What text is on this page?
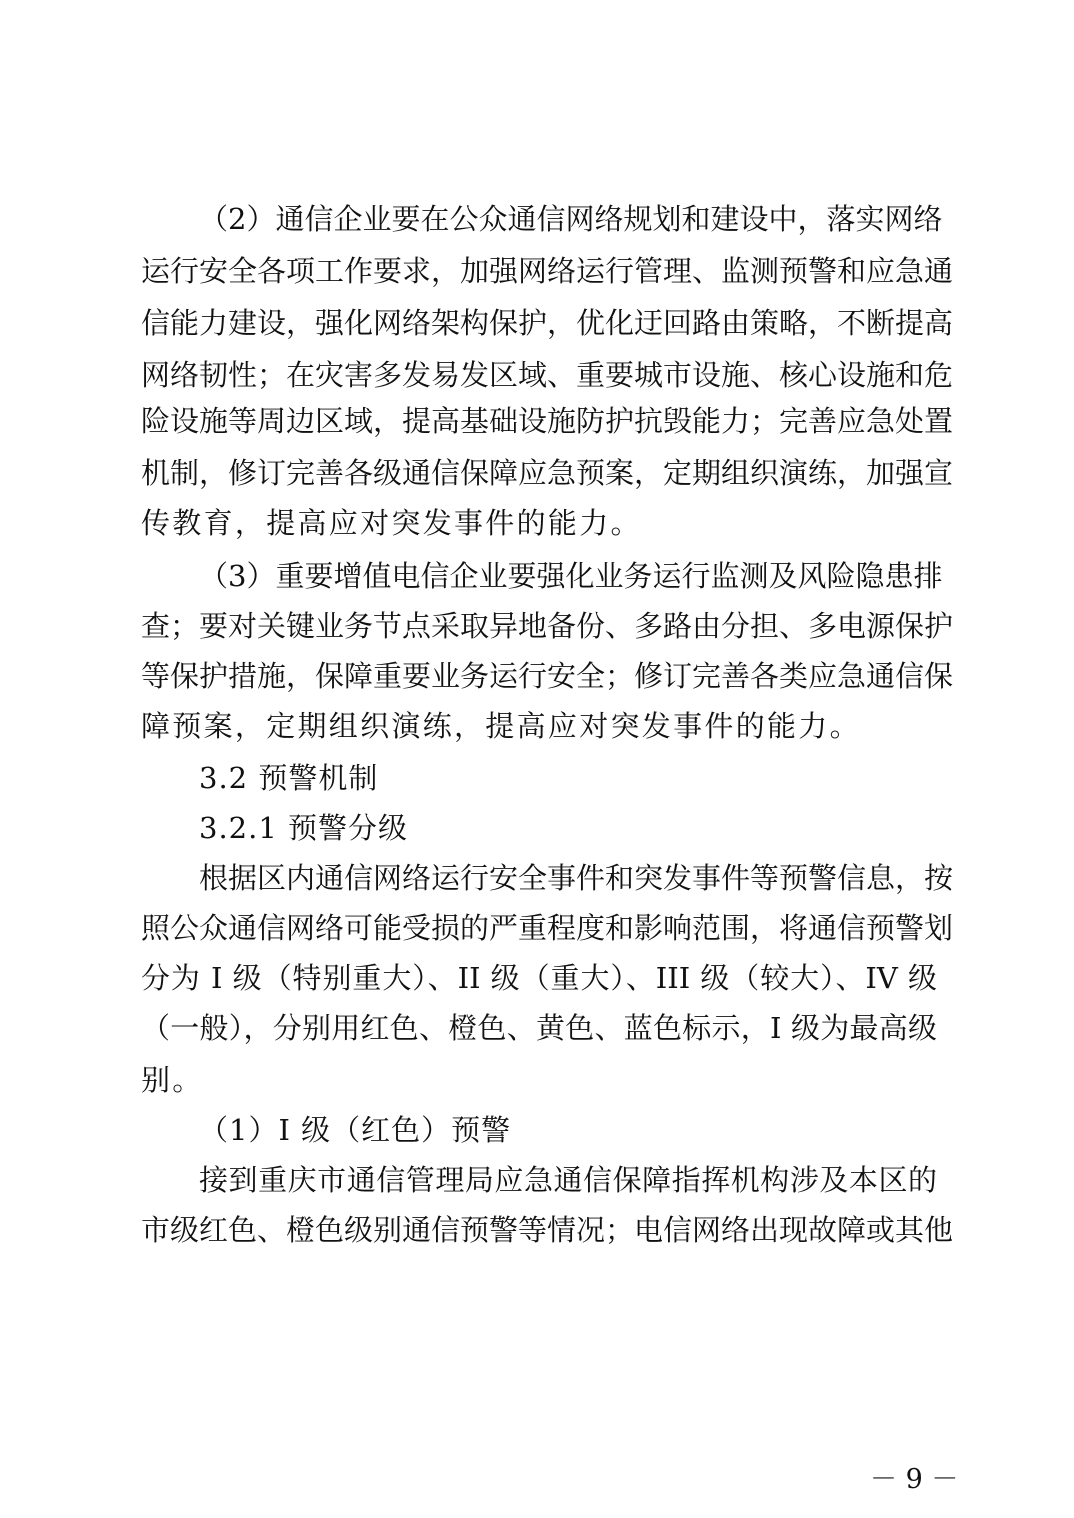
（2）通信企业要在公众通信网络规划和建设中，落实网络
运行安全各项工作要求，加强网络运行管理、监测预警和应急通
信能力建设，强化网络架构保护，优化迂回路由策略，不断提高
网络韧性；在灾害多发易发区域、重要城市设施、核心设施和危
险设施等周边区域，提高基础设施防护抗毁能力；完善应急处置
机制，修订完善各级通信保障应急预案，定期组织演练，加强宣
传教育，提高应对突发事件的能力。
（3）重要增值电信企业要强化业务运行监测及风险隐患排
查；要对关键业务节点采取异地备份、多路由分担、多电源保护
等保护措施，保障重要业务运行安全；修订完善各类应急通信保
障预案，定期组织演练，提高应对突发事件的能力。
3.2 预警机制
3.2.1 预警分级
根据区内通信网络运行安全事件和突发事件等预警信息，按
照公众通信网络可能受损的严重程度和影响范围，将通信预警划
分为 I 级（特别重大）、II 级（重大）、III 级（较大）、IV 级
（一般），分别用红色、橙色、黄色、蓝色标示，I 级为最高级
别。
（1）I 级（红色）预警
接到重庆市通信管理局应急通信保障指挥机构涉及本区的
市级红色、橙色级别通信预警等情况；电信网络出现故障或其他
－ 9 －
